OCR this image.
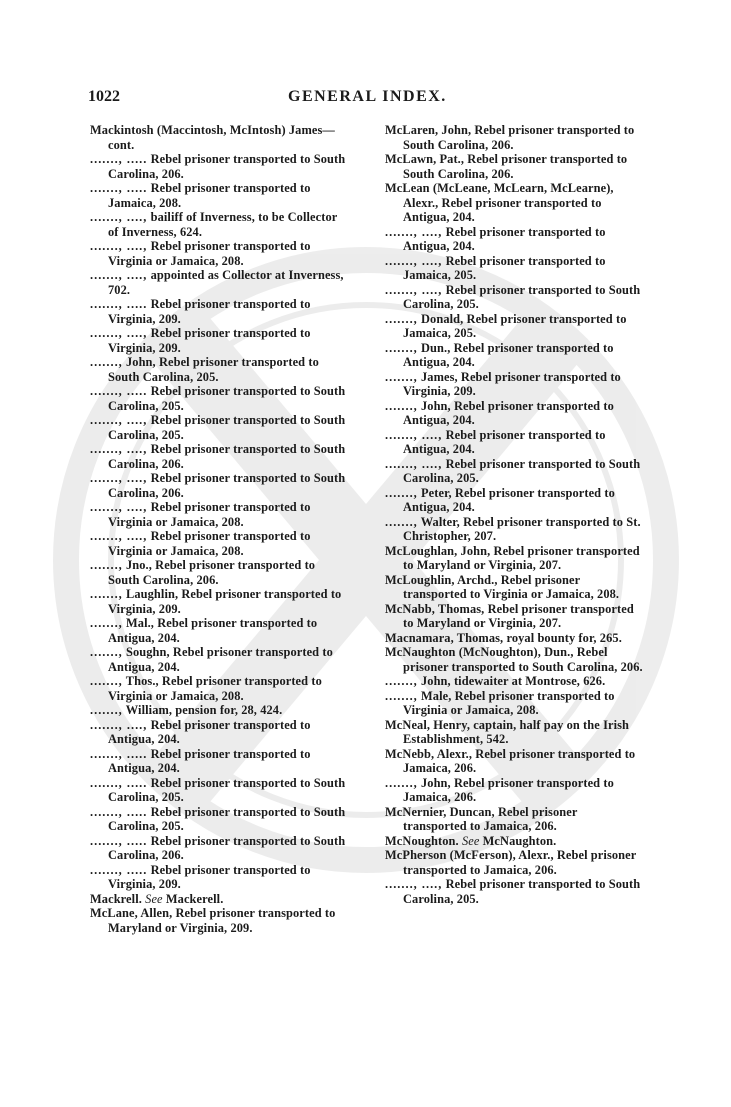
1022	GENERAL INDEX.
Mackintosh (Maccintosh, McIntosh) James—cont.
......., ..... Rebel prisoner transported to South Carolina, 206.
......., ..... Rebel prisoner transported to Jamaica, 208.
......., ...., bailiff of Inverness, to be Collector of Inverness, 624.
......., ...., Rebel prisoner transported to Virginia or Jamaica, 208.
......., ...., appointed as Collector at Inverness, 702.
......., ..... Rebel prisoner transported to Virginia, 209.
......., ...., Rebel prisoner transported to Virginia, 209.
......., John, Rebel prisoner transported to South Carolina, 205.
......., ..... Rebel prisoner transported to South Carolina, 205.
......., ...., Rebel prisoner transported to South Carolina, 205.
......., ...., Rebel prisoner transported to South Carolina, 206.
......., ...., Rebel prisoner transported to South Carolina, 206.
......., ...., Rebel prisoner transported to Virginia or Jamaica, 208.
......., ...., Rebel prisoner transported to Virginia or Jamaica, 208.
......., Jno., Rebel prisoner transported to South Carolina, 206.
......., Laughlin, Rebel prisoner transported to Virginia, 209.
......., Mal., Rebel prisoner transported to Antigua, 204.
......., Soughn, Rebel prisoner transported to Antigua, 204.
......., Thos., Rebel prisoner transported to Virginia or Jamaica, 208.
......., William, pension for, 28, 424.
......., ...., Rebel prisoner transported to Antigua, 204.
......., ..... Rebel prisoner transported to Antigua, 204.
......., ..... Rebel prisoner transported to South Carolina, 205.
......., ..... Rebel prisoner transported to South Carolina, 205.
......., ..... Rebel prisoner transported to South Carolina, 206.
......., ..... Rebel prisoner transported to Virginia, 209.
Mackrell. See Mackerell.
McLane, Allen, Rebel prisoner transported to Maryland or Virginia, 209.
McLaren, John, Rebel prisoner transported to South Carolina, 206.
McLawn, Pat., Rebel prisoner transported to South Carolina, 206.
McLean (McLeane, McLearn, McLearne), Alexr., Rebel prisoner transported to Antigua, 204.
......., ...., Rebel prisoner transported to Antigua, 204.
......., ...., Rebel prisoner transported to Jamaica, 205.
......., ...., Rebel prisoner transported to South Carolina, 205.
......., Donald, Rebel prisoner transported to Jamaica, 205.
......., Dun., Rebel prisoner transported to Antigua, 204.
......., James, Rebel prisoner transported to Virginia, 209.
......., John, Rebel prisoner transported to Antigua, 204.
......., ...., Rebel prisoner transported to Antigua, 204.
......., ...., Rebel prisoner transported to South Carolina, 205.
......., Peter, Rebel prisoner transported to Antigua, 204.
......., Walter, Rebel prisoner transported to St. Christopher, 207.
McLoughlan, John, Rebel prisoner transported to Maryland or Virginia, 207.
McLoughlin, Archd., Rebel prisoner transported to Virginia or Jamaica, 208.
McNabb, Thomas, Rebel prisoner transported to Maryland or Virginia, 207.
Macnamara, Thomas, royal bounty for, 265.
McNaughton (McNoughton), Dun., Rebel prisoner transported to South Carolina, 206.
......., John, tidewaiter at Montrose, 626.
......., Male, Rebel prisoner transported to Virginia or Jamaica, 208.
McNeal, Henry, captain, half pay on the Irish Establishment, 542.
McNebb, Alexr., Rebel prisoner transported to Jamaica, 206.
......., John, Rebel prisoner transported to Jamaica, 206.
McNernier, Duncan, Rebel prisoner transported to Jamaica, 206.
McNoughton. See McNaughton.
McPherson (McFerson), Alexr., Rebel prisoner transported to Jamaica, 206.
......., ...., Rebel prisoner transported to South Carolina, 205.
